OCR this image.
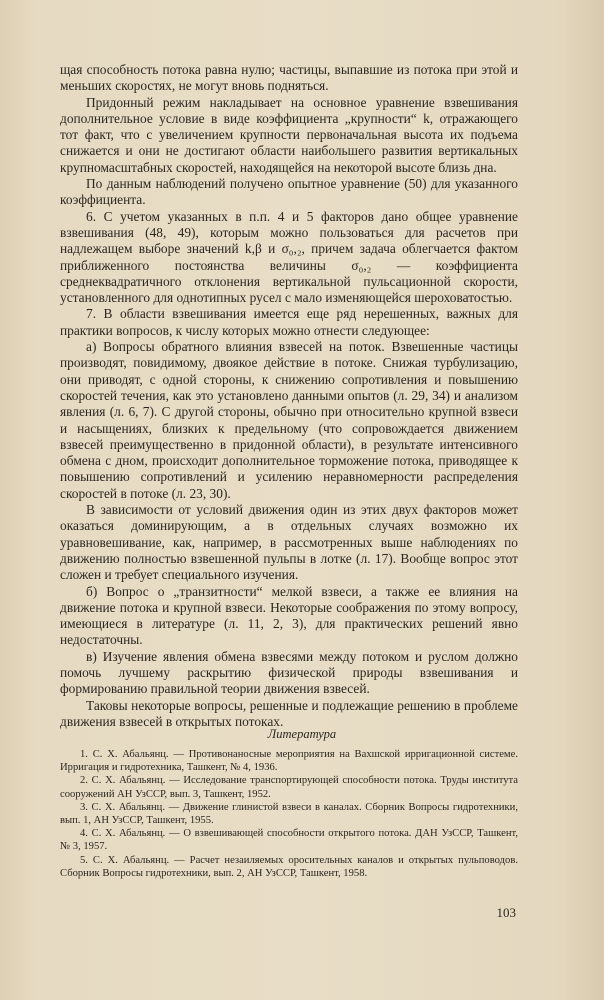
щая способность потока равна нулю; частицы, выпавшие из потока при этой и меньших скоростях, не могут вновь подняться.

Придонный режим накладывает на основное уравнение взвешивания дополнительное условие в виде коэффициента „крупности“ k, отражающего тот факт, что с увеличением крупности первоначальная высота их подъема снижается и они не достигают области наибольшего развития вертикальных крупномасштабных скоростей, находящейся на некоторой высоте близь дна.

По данным наблюдений получено опытное уравнение (50) для указанного коэффициента.

6. С учетом указанных в п.п. 4 и 5 факторов дано общее уравнение взвешивания (48, 49), которым можно пользоваться для расчетов при надлежащем выборе значений k,β и σ₀,₂, причем задача облегчается фактом приближенного постоянства величины σ₀,₂ — коэффициента среднеквадратичного отклонения вертикальной пульсационной скорости, установленного для однотипных русел с мало изменяющейся шероховатостью.

7. В области взвешивания имеется еще ряд нерешенных, важных для практики вопросов, к числу которых можно отнести следующее:

а) Вопросы обратного влияния взвесей на поток. Взвешенные частицы производят, повидимому, двоякое действие в потоке. Снижая турбулизацию, они приводят, с одной стороны, к снижению сопротивления и повышению скоростей течения, как это установлено данными опытов (л. 29, 34) и анализом явления (л. 6, 7). С другой стороны, обычно при относительно крупной взвеси и насыщениях, близких к предельному (что сопровождается движением взвесей преимущественно в придонной области), в результате интенсивного обмена с дном, происходит дополнительное торможение потока, приводящее к повышению сопротивлений и усилению неравномерности распределения скоростей в потоке (л. 23, 30).

В зависимости от условий движения один из этих двух факторов может оказаться доминирующим, а в отдельных случаях возможно их уравновешивание, как, например, в рассмотренных выше наблюдениях по движению полностью взвешенной пульпы в лотке (л. 17). Вообще вопрос этот сложен и требует специального изучения.

б) Вопрос о „транзитности“ мелкой взвеси, а также ее влияния на движение потока и крупной взвеси. Некоторые соображения по этому вопросу, имеющиеся в литературе (л. 11, 2, 3), для практических решений явно недостаточны.

в) Изучение явления обмена взвесями между потоком и руслом должно помочь лучшему раскрытию физической природы взвешивания и формированию правильной теории движения взвесей.

Таковы некоторые вопросы, решенные и подлежащие решению в проблеме движения взвесей в открытых потоках.

Литература

1. С. Х. Абальянц. — Противонаносные мероприятия на Вахшской ирригационной системе. Ирригация и гидротехника, Ташкент, № 4, 1936.

2. С. Х. Абальянц. — Исследование транспортирующей способности потока. Труды института сооружений АН УзССР, вып. 3, Ташкент, 1952.

3. С. Х. Абальянц. — Движение глинистой взвеси в каналах. Сборник Вопросы гидротехники, вып. 1, АН УзССР, Ташкент, 1955.

4. С. Х. Абальянц. — О взвешивающей способности открытого потока. ДАН УзССР, Ташкент, № 3, 1957.

5. С. Х. Абальянц. — Расчет незаиляемых оросительных каналов и открытых пульповодов. Сборник Вопросы гидротехники, вып. 2, АН УзССР, Ташкент, 1958.

103
